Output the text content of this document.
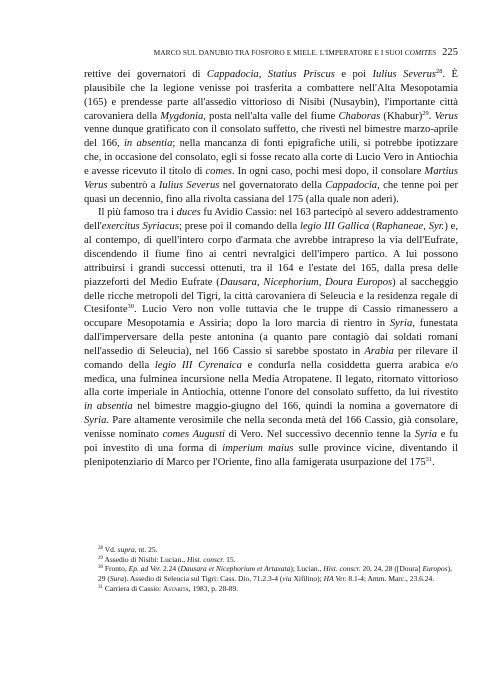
MARCO SUL DANUBIO TRA FOSFORO E MIELE. L'IMPERATORE E I SUOI COMITES 225

rettive dei governatori di Cappadocia, Statius Priscus e poi Iulius Severus$^{28}$. È plausibile che la legione venisse poi trasferita a combattere nell'Alta Mesopotamia (165) e prendesse parte all'assedio vittorioso di Nisibi (Nusaybin), l'importante città carovaniera della Mygdonia, posta nell'alta valle del fiume Chaboras (Khabur)$^{29}$. Verus venne dunque gratificato con il consolato suffetto, che rivestì nel bimestre marzo-aprile del 166, in absentia; nella mancanza di fonti epigrafiche utili, si potrebbe ipotizzare che, in occasione del consolato, egli si fosse recato alla corte di Lucio Vero in Antiochia e avesse ricevuto il titolo di comes. In ogni caso, pochi mesi dopo, il consolare Martius Verus subentrò a Iulius Severus nel governatorato della Cappadocia, che tenne poi per quasi un decennio, fino alla rivolta cassiana del 175 (alla quale non aderì).

Il più famoso tra i duces fu Avidio Cassio: nel 163 partecipò al severo addestramento dell'exercitus Syriacus; prese poi il comando della legio III Gallica (Raphaneae, Syr.) e, al contempo, di quell'intero corpo d'armata che avrebbe intrapreso la via dell'Eufrate, discendendo il fiume fino ai centri nevralgici dell'impero partico. A lui possono attribuirsi i grandi successi ottenuti, tra il 164 e l'estate del 165, dalla presa delle piazzeforti del Medio Eufrate (Dausara, Nicephorium, Doura Europos) al saccheggio delle ricche metropoli del Tigri, la città carovaniera di Seleucia e la residenza regale di Ctesifonte$^{30}$. Lucio Vero non volle tuttavia che le truppe di Cassio rimanessero a occupare Mesopotamia e Assiria; dopo la loro marcia di rientro in Syria, funestata dall'imperversare della peste antonina (a quanto pare contagiò dai soldati romani nell'assedio di Seleucia), nel 166 Cassio si sarebbe spostato in Arabia per rilevare il comando della legio III Cyrenaica e condurla nella cosiddetta guerra arabica e/o medica, una fulminea incursione nella Media Atropatene. Il legato, ritornato vittorioso alla corte imperiale in Antiochia, ottenne l'onore del consolato suffetto, da lui rivestito in absentia nel bimestre maggio-giugno del 166, quindi la nomina a governatore di Syria. Pare altamente verosimile che nella seconda metà del 166 Cassio, già consolare, venisse nominato comes Augusti di Vero. Nel successivo decennio tenne la Syria e fu poi investito di una forma di imperium maius sulle province vicine, diventando il plenipotenziario di Marco per l'Oriente, fino alla famigerata usurpazione del $175^{31}$.

$^{28}$ Vd. supra, nt. 25.

$^{29}$ Assedio di Nisibi: Lucian., Hist. conscr. 15.

$^{30}$ Fronto, Ep. ad Ver. 2.24 (Dausara et Nicephorium et Artaxata); Lucian., Hist. conscr. 20, 24, 28 ([Doura] Europos), 29 (Sura). Assedio di Seleucia sul Tigri: Cass. Dio, 71.2.3-4 (via Xifilino); HA Ver. 8.1-4; Amm. Marc., 23.6.24.

$^{31}$ Carriera di Cassio: Astarita, 1983, p. 28-89.
